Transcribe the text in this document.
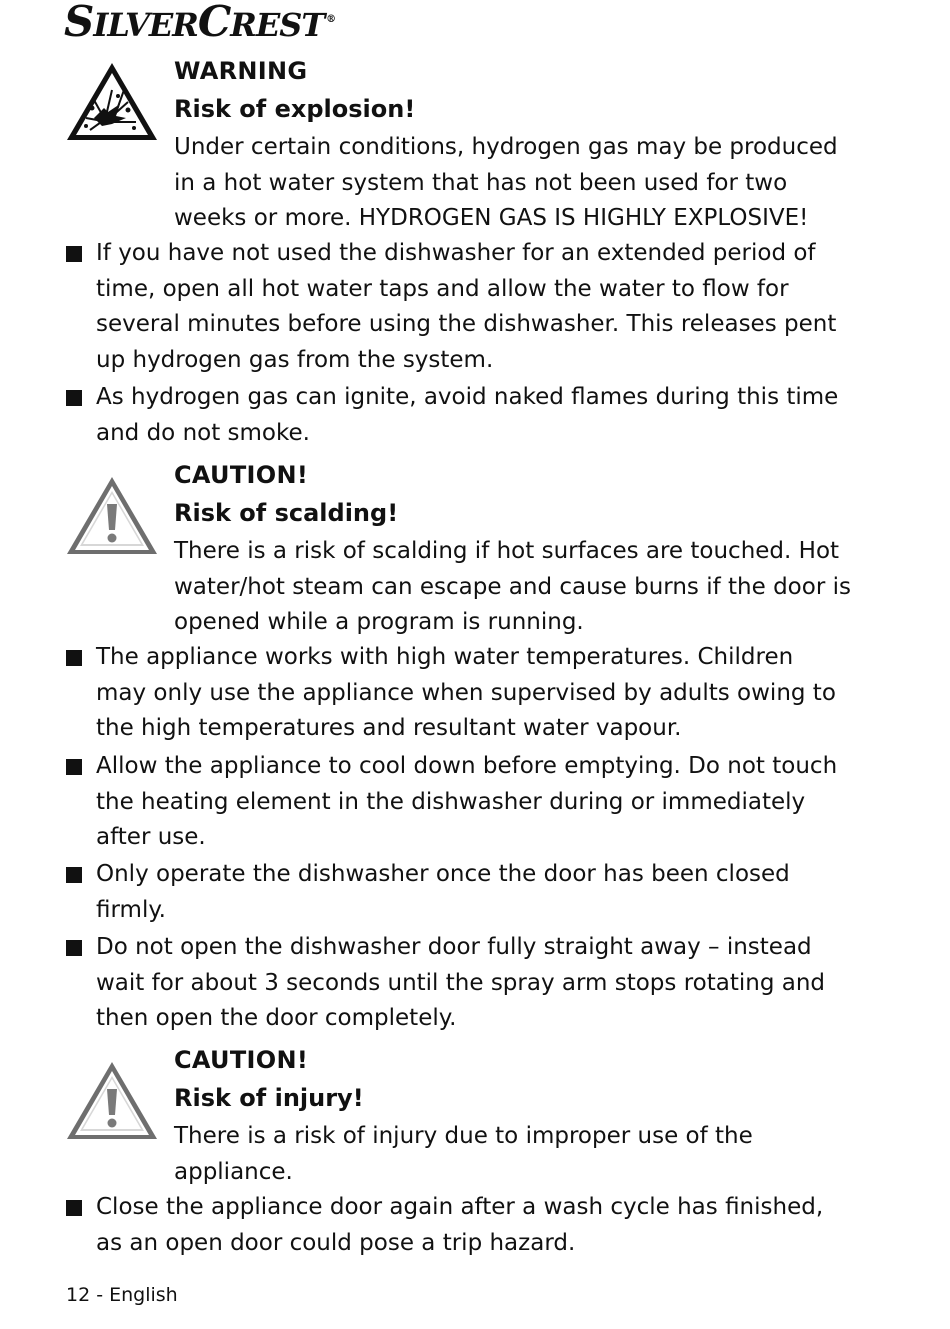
SILVERCREST ®
WARNING
Risk of explosion!
Under certain conditions, hydrogen gas may be produced in a hot water system that has not been used for two weeks or more. HYDROGEN GAS IS HIGHLY EXPLOSIVE!
If you have not used the dishwasher for an extended period of time, open all hot water taps and allow the water to flow for several minutes before using the dishwasher. This releases pent up hydrogen gas from the system.
As hydrogen gas can ignite, avoid naked flames during this time and do not smoke.
CAUTION!
Risk of scalding!
There is a risk of scalding if hot surfaces are touched. Hot water/hot steam can escape and cause burns if the door is opened while a program is running.
The appliance works with high water temperatures. Children may only use the appliance when supervised by adults owing to the high temperatures and resultant water vapour.
Allow the appliance to cool down before emptying. Do not touch the heating element in the dishwasher during or immediately after use.
Only operate the dishwasher once the door has been closed firmly.
Do not open the dishwasher door fully straight away – instead wait for about 3 seconds until the spray arm stops rotating and then open the door completely.
CAUTION!
Risk of injury!
There is a risk of injury due to improper use of the appliance.
Close the appliance door again after a wash cycle has finished, as an open door could pose a trip hazard.
12 - English
